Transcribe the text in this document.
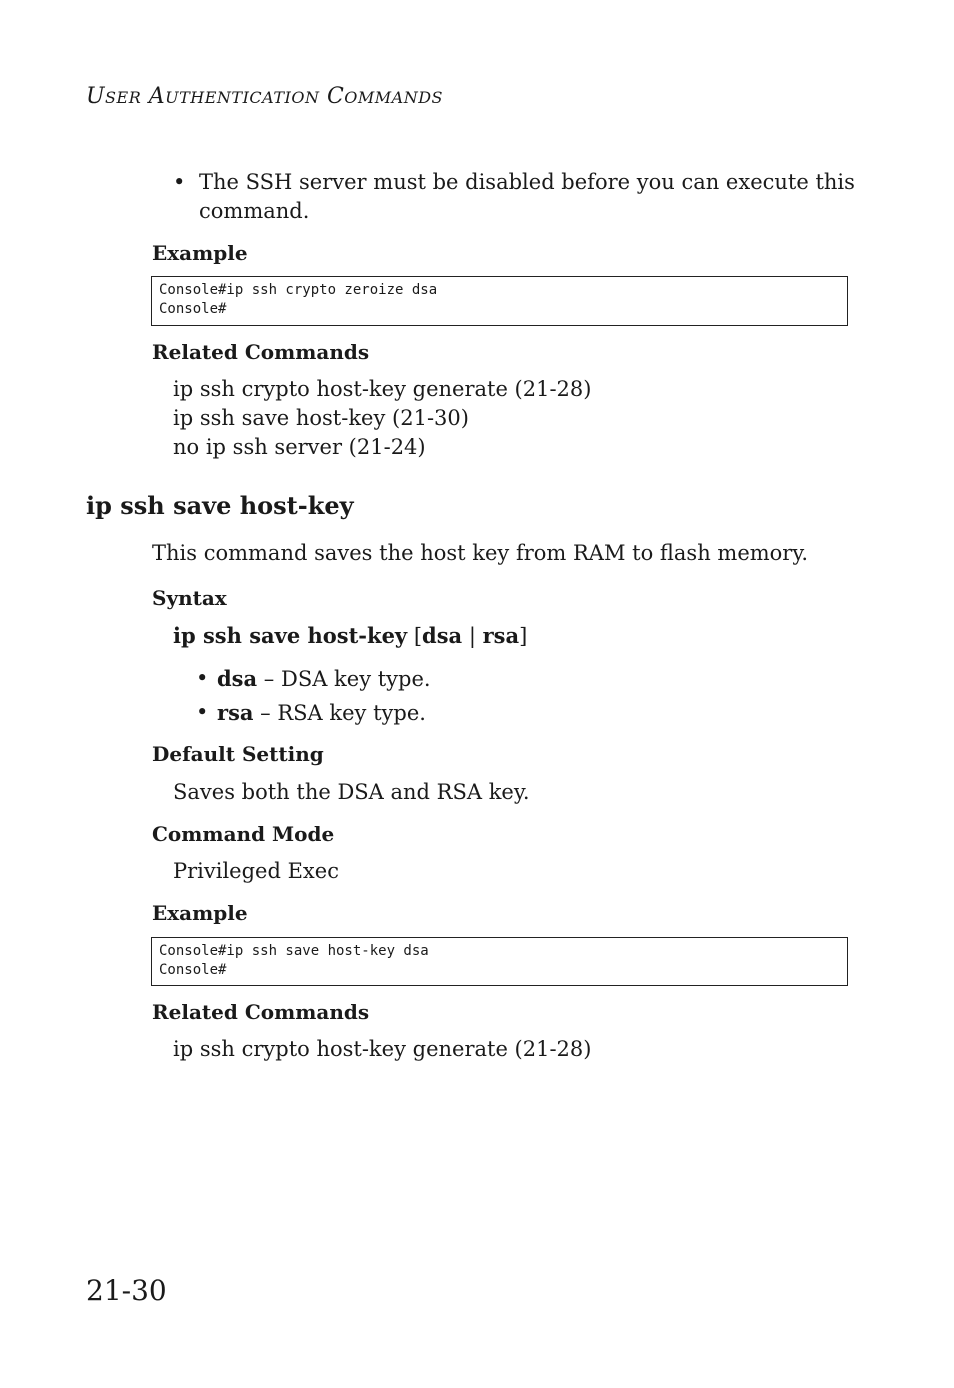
USER AUTHENTICATION COMMANDS
• The SSH server must be disabled before you can execute this
command.
Example
Console#ip ssh crypto zeroize dsa
Console#
Related Commands
ip ssh crypto host-key generate (21-28)
ip ssh save host-key (21-30)
no ip ssh server (21-24)
ip ssh save host-key
This command saves the host key from RAM to flash memory.
Syntax
ip ssh save host-key [dsa | rsa]
• dsa – DSA key type.
• rsa – RSA key type.
Default Setting
Saves both the DSA and RSA key.
Command Mode
Privileged Exec
Example
Console#ip ssh save host-key dsa
Console#
Related Commands
ip ssh crypto host-key generate (21-28)
21-30
